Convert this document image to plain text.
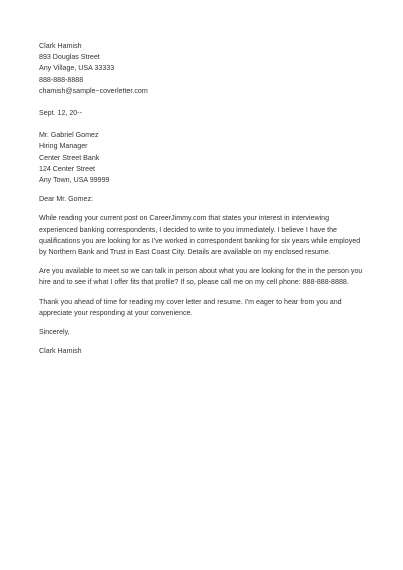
Clark Hamish
893 Douglas Street
Any Village, USA 33333
888-888-8888
chamish@sample~coverletter.com
Sept. 12, 20--
Mr. Gabriel Gomez
Hiring Manager
Center Street Bank
124 Center Street
Any Town, USA 99999
Dear Mr. Gomez:
While reading your current post on CareerJimmy.com that states your interest in interviewing
experienced banking correspondents, I decided to write to you immediately. I believe I have the
qualifications you are looking for as I've worked in correspondent banking for six years while employed
by Northern Bank and Trust in East Coast City. Details are available on my enclosed resume.
Are you available to meet so we can talk in person about what you are looking for the in the person you
hire and to see if what I offer fits that profile? If so, please call me on my cell phone: 888-888-8888.
Thank you ahead of time for reading my cover letter and resume. I'm eager to hear from you and
appreciate your responding at your convenience.
Sincerely,
Clark Hamish
